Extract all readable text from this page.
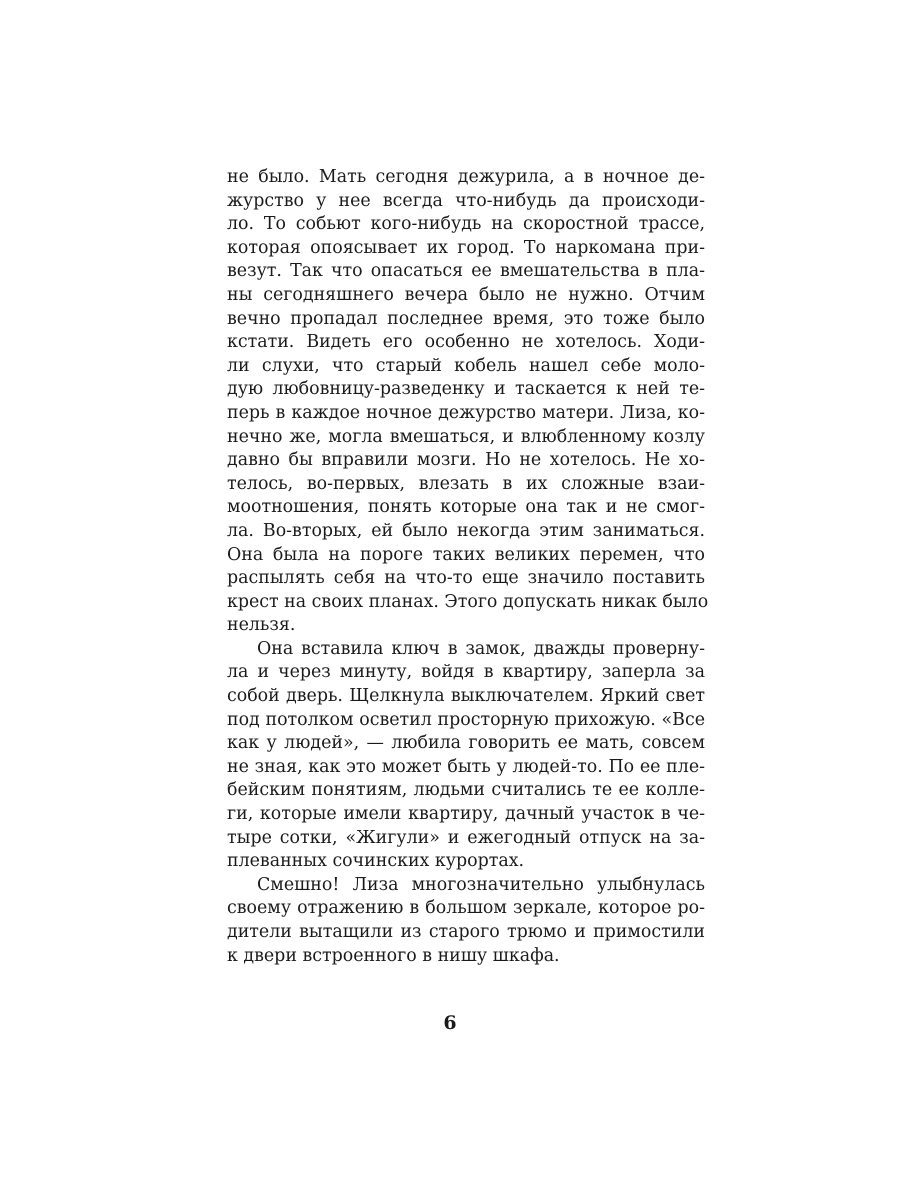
не было. Мать сегодня дежурила, а в ночное де-
журство у нее всегда что-нибудь да происходи-
ло. То собьют кого-нибудь на скоростной трассе,
которая опоясывает их город. То наркомана при-
везут. Так что опасаться ее вмешательства в пла-
ны сегодняшнего вечера было не нужно. Отчим
вечно пропадал последнее время, это тоже было
кстати. Видеть его особенно не хотелось. Ходи-
ли слухи, что старый кобель нашел себе моло-
дую любовницу-разведенку и таскается к ней те-
перь в каждое ночное дежурство матери. Лиза, ко-
нечно же, могла вмешаться, и влюбленному козлу
давно бы вправили мозги. Но не хотелось. Не хо-
телось, во-первых, влезать в их сложные взаи-
моотношения, понять которые она так и не смог-
ла. Во-вторых, ей было некогда этим заниматься.
Она была на пороге таких великих перемен, что
распылять себя на что-то еще значило поставить
крест на своих планах. Этого допускать никак было
нельзя.
Она вставила ключ в замок, дважды проверну-
ла и через минуту, войдя в квартиру, заперла за
собой дверь. Щелкнула выключателем. Яркий свет
под потолком осветил просторную прихожую. «Все
как у людей», — любила говорить ее мать, совсем
не зная, как это может быть у людей-то. По ее пле-
бейским понятиям, людьми считались те ее колле-
ги, которые имели квартиру, дачный участок в че-
тыре сотки, «Жигули» и ежегодный отпуск на за-
плеванных сочинских курортах.
Смешно! Лиза многозначительно улыбнулась
своему отражению в большом зеркале, которое ро-
дители вытащили из старого трюмо и примостили
к двери встроенного в нишу шкафа.
6
